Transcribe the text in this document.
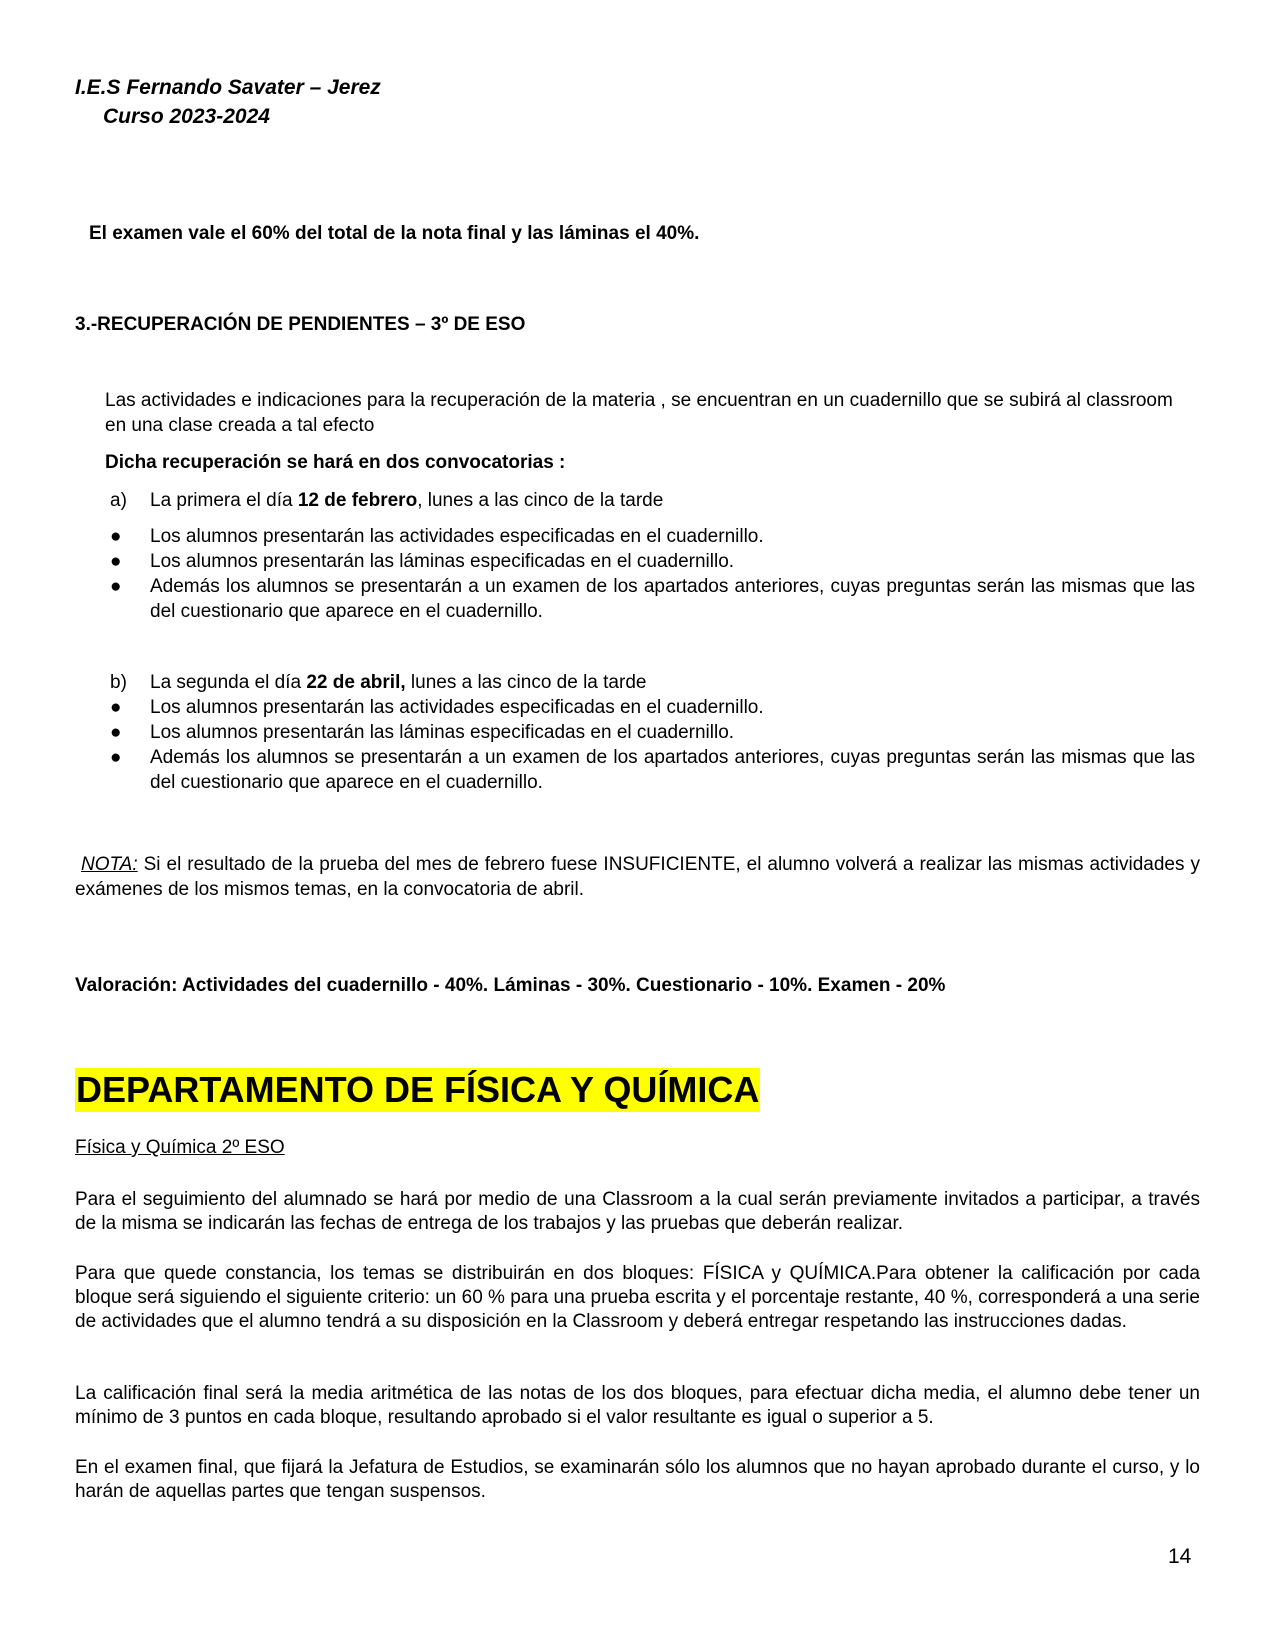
I.E.S Fernando Savater – Jerez
Curso 2023-2024
El examen vale el 60% del total de la nota final y las láminas el 40%.
3.-RECUPERACIÓN DE PENDIENTES – 3º DE ESO
Las actividades e indicaciones para la recuperación de la materia , se encuentran en un cuadernillo que se subirá al classroom en una clase creada a tal efecto
Dicha recuperación se hará en dos convocatorias :
a)	La primera el día 12 de febrero, lunes a las cinco de la tarde
●	Los alumnos presentarán las actividades especificadas en el cuadernillo.
●	Los alumnos presentarán las láminas especificadas en el cuadernillo.
●	Además los alumnos se presentarán a un examen de los apartados anteriores, cuyas preguntas serán las mismas que las del cuestionario que aparece en el cuadernillo.
b)	La segunda el día 22 de abril, lunes a las cinco de la tarde
●	Los alumnos presentarán las actividades especificadas en el cuadernillo.
●	Los alumnos presentarán las láminas especificadas en el cuadernillo.
●	Además los alumnos se presentarán a un examen de los apartados anteriores, cuyas preguntas serán las mismas que las del cuestionario que aparece en el cuadernillo.
NOTA: Si el resultado de la prueba del mes de febrero fuese INSUFICIENTE, el alumno volverá a realizar las mismas actividades y exámenes de los mismos temas, en la convocatoria de abril.
Valoración: Actividades del cuadernillo - 40%. Láminas - 30%. Cuestionario - 10%. Examen - 20%
DEPARTAMENTO DE FÍSICA Y QUÍMICA
Física y Química 2º ESO
Para el seguimiento del alumnado se hará por medio de una Classroom a la cual serán previamente invitados a participar, a través de la misma se indicarán las fechas de entrega de los trabajos y las pruebas que deberán realizar.
Para que quede constancia, los temas se distribuirán en dos bloques: FÍSICA y QUÍMICA.Para obtener la calificación por cada bloque será siguiendo el siguiente criterio: un 60 % para una prueba escrita y el porcentaje restante, 40 %, corresponderá a una serie de actividades que el alumno tendrá a su disposición en la Classroom y deberá entregar respetando las instrucciones dadas.
La calificación final será la media aritmética de las notas de los dos bloques, para efectuar dicha media, el alumno debe tener un mínimo de 3 puntos en cada bloque, resultando aprobado si el valor resultante es igual o superior a 5.
En el examen final, que fijará la Jefatura de Estudios, se examinarán sólo los alumnos que no hayan aprobado durante el curso, y lo harán de aquellas partes que tengan suspensos.
14
